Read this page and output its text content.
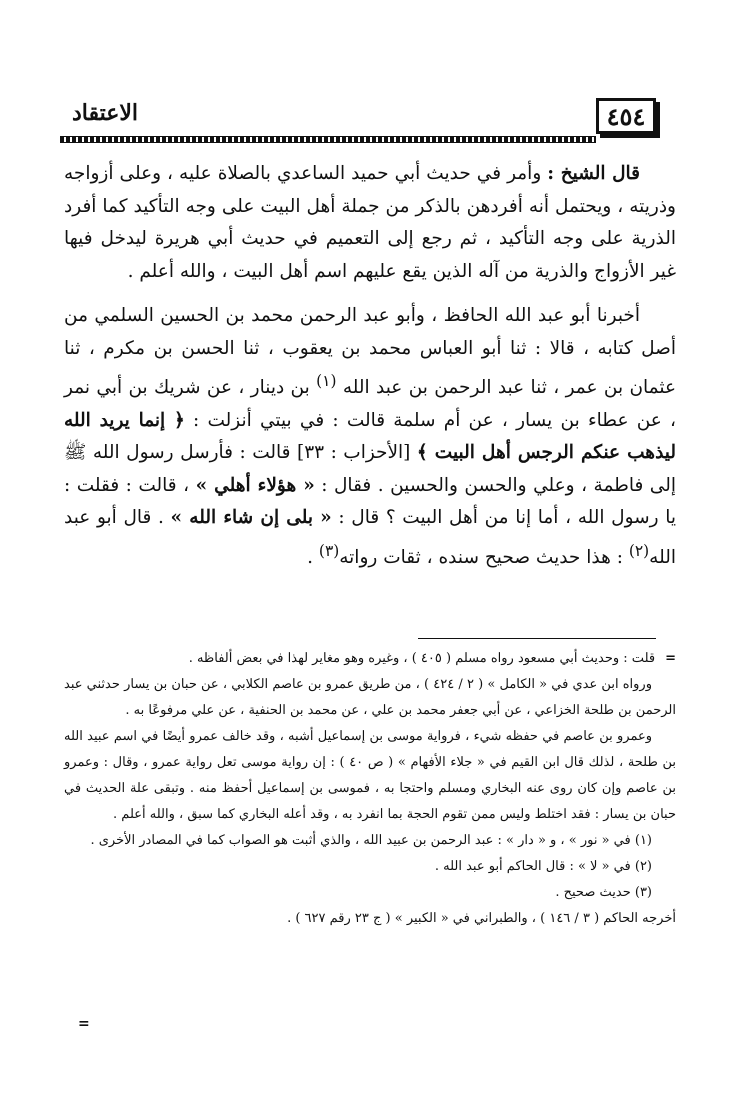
٤٥٤
الاعتقاد

قال الشيخ : وأمر في حديث أبي حميد الساعدي بالصلاة عليه ، وعلى أزواجه وذريته ، ويحتمل أنه أفردهن بالذكر من جملة أهل البيت على وجه التأكيد كما أفرد الذرية على وجه التأكيد ، ثم رجع إلى التعميم في حديث أبي هريرة ليدخل فيها غير الأزواج والذرية من آله الذين يقع عليهم اسم أهل البيت ، والله أعلم .

أخبرنا أبو عبد الله الحافظ ، وأبو عبد الرحمن محمد بن الحسين السلمي من أصل كتابه ، قالا : ثنا أبو العباس محمد بن يعقوب ، ثنا الحسن بن مكرم ، ثنا عثمان بن عمر ، ثنا عبد الرحمن بن عبد الله $^{(١)}$ بن دينار ، عن شريك بن أبي نمر ، عن عطاء بن يسار ، عن أم سلمة قالت : في بيتي أنزلت : ﴿ إنما يريد الله ليذهب عنكم الرجس أهل البيت ﴾ [الأحزاب : ٣٣] قالت : فأرسل رسول الله ﷺ إلى فاطمة ، وعلي والحسن والحسين . فقال : « هؤلاء أهلي » ، قالت : فقلت : يا رسول الله ، أما إنا من أهل البيت ؟ قال : « بلى إن شاء الله » . قال أبو عبد الله$^{(٢)}$ : هذا حديث صحيح سنده ، ثقات رواته$^{(٣)}$ .

=قلت : وحديث أبي مسعود رواه مسلم ( ٤٠٥ ) ، وغيره وهو مغاير لهذا في بعض ألفاظه .

ورواه ابن عدي في « الكامل » ( ٢ / ٤٢٤ ) ، من طريق عمرو بن عاصم الكلابي ، عن حبان بن يسار حدثني عبد الرحمن بن طلحة الخزاعي ، عن أبي جعفر محمد بن علي ، عن محمد بن الحنفية ، عن علي مرفوعًا به .

وعمرو بن عاصم في حفظه شيء ، فرواية موسى بن إسماعيل أشبه ، وقد خالف عمرو أيضًا في اسم عبيد الله بن طلحة ، لذلك قال ابن القيم في « جلاء الأفهام » ( ص ٤٠ ) : إن رواية موسى تعل رواية عمرو ، وقال : وعمرو بن عاصم وإن كان روى عنه البخاري ومسلم واحتجا به ، فموسى بن إسماعيل أحفظ منه . وتبقى علة الحديث في حبان بن يسار : فقد اختلط وليس ممن تقوم الحجة بما انفرد به ، وقد أعله البخاري كما سبق ، والله أعلم .

(١) في « نور » ، و « دار » : عبد الرحمن بن عبيد الله ، والذي أثبت هو الصواب كما في المصادر الأخرى .

(٢) في « لا » : قال الحاكم أبو عبد الله .

(٣) حديث صحيح .

أخرجه الحاكم ( ٣ / ١٤٦ ) ، والطبراني في « الكبير » ( ج ٢٣ رقم ٦٢٧ ) .

=
